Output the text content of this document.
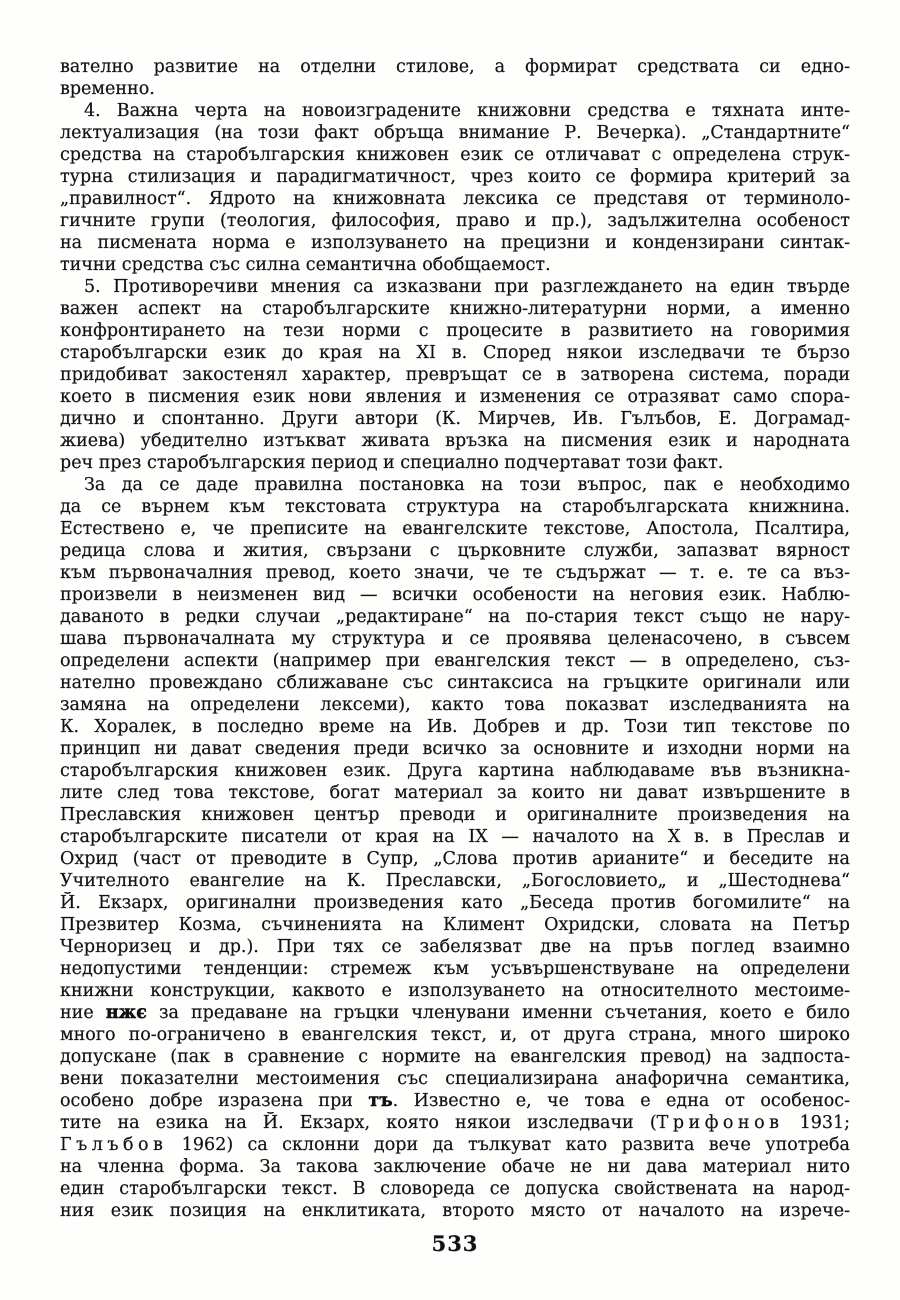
вателно развитие на отделни стилове, а формират средствата си едно-
временно.
4. Важна черта на новоизградените книжовни средства е тяхната инте-
лектуализация (на този факт обръща внимание Р. Вечерка). „Стандартните“
средства на старобългарския книжовен език се отличават с определена струк-
турна стилизация и парадигматичност, чрез които се формира критерий за
„правилност“. Ядрото на книжовната лексика се представя от терминоло-
гичните групи (теология, философия, право и пр.), задължителна особеност
на писмената норма е използуването на прецизни и кондензирани синтак-
тични средства със силна семантична обобщаемост.
5. Противоречиви мнения са изказвани при разглеждането на един твърде
важен аспект на старобългарските книжно-литературни норми, а именно
конфронтирането на тези норми с процесите в развитието на говоримия
старобългарски език до края на XI в. Според някои изследвачи те бързо
придобиват закостенял характер, превръщат се в затворена система, поради
което в писмения език нови явления и изменения се отразяват само спора-
дично и спонтанно. Други автори (К. Мирчев, Ив. Гълъбов, Е. Дограмад-
жиева) убедително изтъкват живата връзка на писмения език и народната
реч през старобългарския период и специално подчертават този факт.
За да се даде правилна постановка на този въпрос, пак е необходимо
да се върнем към текстовата структура на старобългарската книжнина.
Естествено е, че преписите на евангелските текстове, Апостола, Псалтира,
редица слова и жития, свързани с църковните служби, запазват вярност
към първоначалния превод, което значи, че те съдържат — т. е. те са въз-
произвели в неизменен вид — всички особености на неговия език. Наблю-
даваното в редки случаи „редактиране“ на по-стария текст също не нару-
шава първоначалната му структура и се проявява целенасочено, в съвсем
определени аспекти (например при евангелския текст — в определено, съз-
нателно провеждано сближаване със синтаксиса на гръцките оригинали или
замяна на определени лексеми), както това показват изследванията на
К. Хоралек, в последно време на Ив. Добрев и др. Този тип текстове по
принцип ни дават сведения преди всичко за основните и изходни норми на
старобългарския книжовен език. Друга картина наблюдаваме във възникна-
лите след това текстове, богат материал за които ни дават извършените в
Преславския книжовен център преводи и оригиналните произведения на
старобългарските писатели от края на IX — началото на X в. в Преслав и
Охрид (част от преводите в Супр, „Слова против арианите“ и беседите на
Учителното евангелие на К. Преславски, „Богословието„ и „Шестоднева“
Й. Екзарх, оригинални произведения като „Беседа против богомилите“ на
Презвитер Козма, съчиненията на Климент Охридски, словата на Петър
Черноризец и др.). При тях се забелязват две на пръв поглед взаимно
недопустими тенденции: стремеж към усъвършенствуване на определени
книжни конструкции, каквото е използуването на относителното местоиме-
ние нжє за предаване на гръцки членувани именни съчетания, което е било
много по-ограничено в евангелския текст, и, от друга страна, много широко
допускане (пак в сравнение с нормите на евангелския превод) на задпоста-
вени показателни местоимения със специализирана анафорична семантика,
особено добре изразена при тъ. Известно е, че това е една от особенос-
тите на езика на Й. Екзарх, която някои изследвачи (Трифонов 1931;
Гълъбов 1962) са склонни дори да тълкуват като развита вече употреба
на членна форма. За такова заключение обаче не ни дава материал нито
един старобългарски текст. В словореда се допуска свойствената на народ-
ния език позиция на енклитиката, второто място от началото на изрече-
533
